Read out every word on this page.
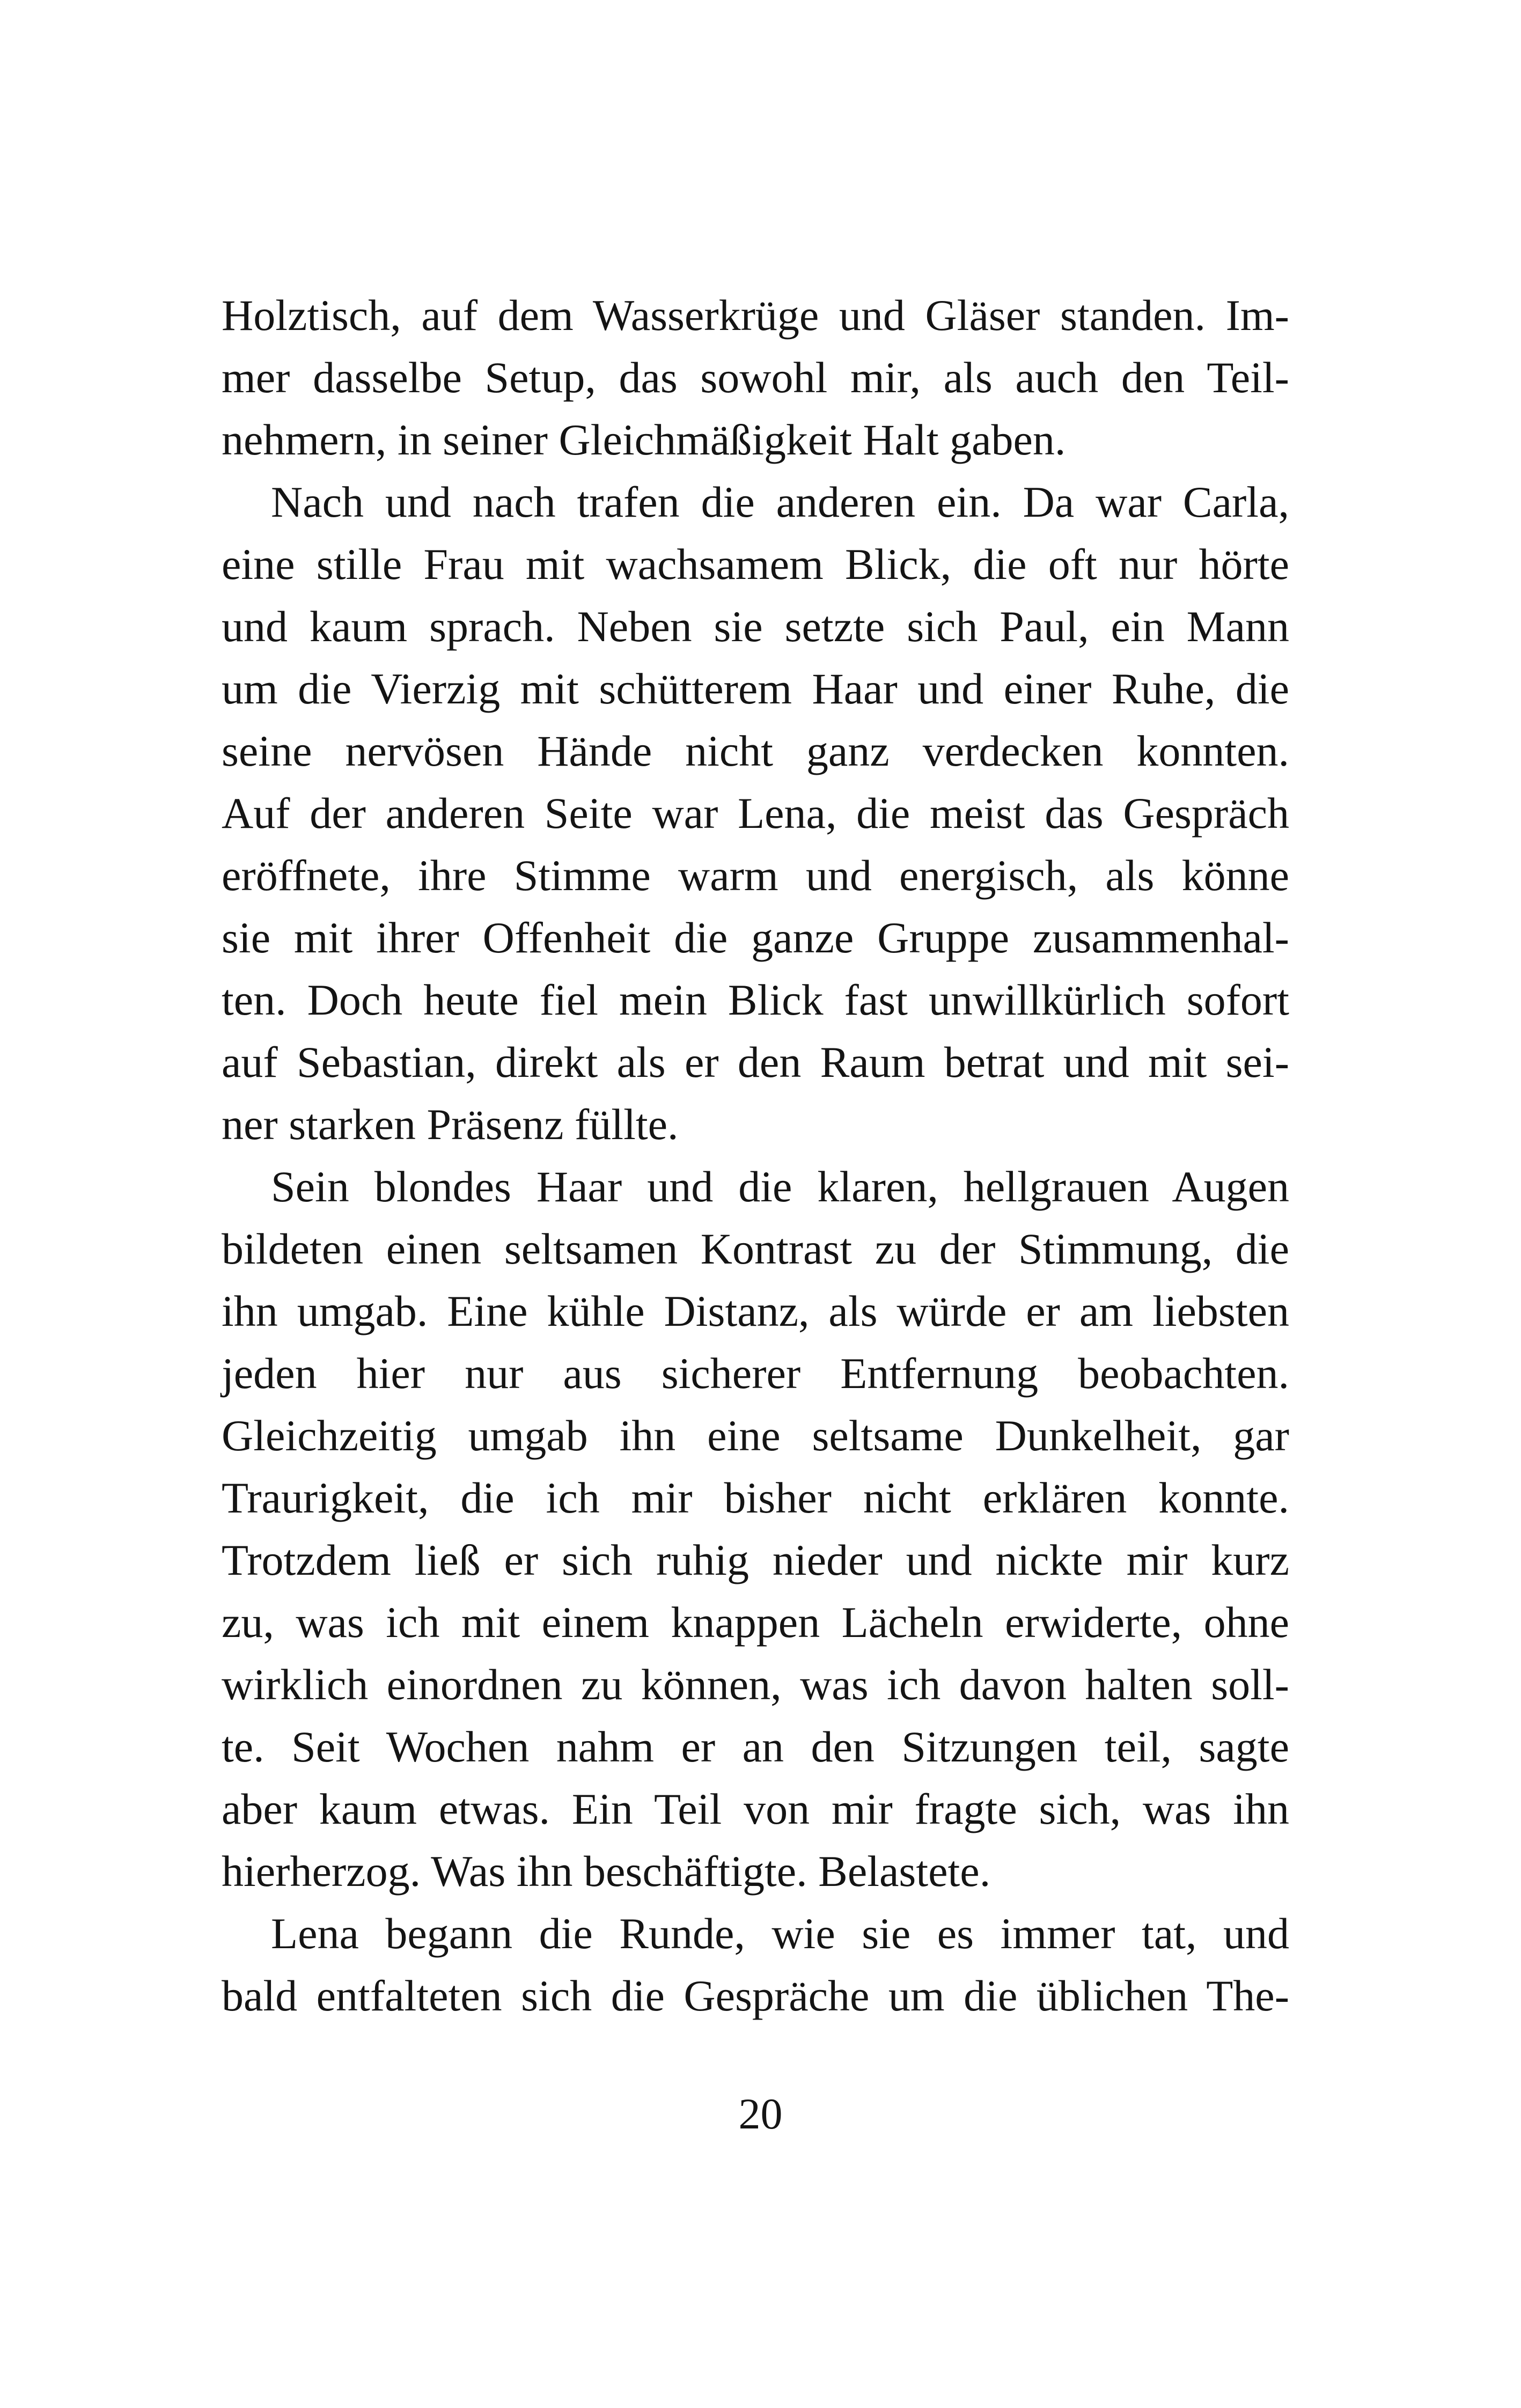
Holztisch, auf dem Wasserkrüge und Gläser standen. Im-
mer dasselbe Setup, das sowohl mir, als auch den Teil-
nehmern, in seiner Gleichmäßigkeit Halt gaben.
Nach und nach trafen die anderen ein. Da war Carla,
eine stille Frau mit wachsamem Blick, die oft nur hörte
und kaum sprach. Neben sie setzte sich Paul, ein Mann
um die Vierzig mit schütterem Haar und einer Ruhe, die
seine nervösen Hände nicht ganz verdecken konnten.
Auf der anderen Seite war Lena, die meist das Gespräch
eröffnete, ihre Stimme warm und energisch, als könne
sie mit ihrer Offenheit die ganze Gruppe zusammenhal-
ten. Doch heute fiel mein Blick fast unwillkürlich sofort
auf Sebastian, direkt als er den Raum betrat und mit sei-
ner starken Präsenz füllte.
Sein blondes Haar und die klaren, hellgrauen Augen
bildeten einen seltsamen Kontrast zu der Stimmung, die
ihn umgab. Eine kühle Distanz, als würde er am liebsten
jeden hier nur aus sicherer Entfernung beobachten.
Gleichzeitig umgab ihn eine seltsame Dunkelheit, gar
Traurigkeit, die ich mir bisher nicht erklären konnte.
Trotzdem ließ er sich ruhig nieder und nickte mir kurz
zu, was ich mit einem knappen Lächeln erwiderte, ohne
wirklich einordnen zu können, was ich davon halten soll-
te. Seit Wochen nahm er an den Sitzungen teil, sagte
aber kaum etwas. Ein Teil von mir fragte sich, was ihn
hierherzog. Was ihn beschäftigte. Belastete.
Lena begann die Runde, wie sie es immer tat, und
bald entfalteten sich die Gespräche um die üblichen The-
20
